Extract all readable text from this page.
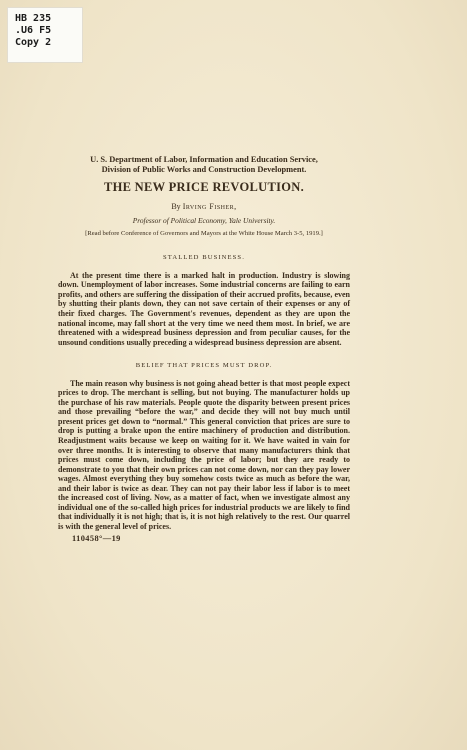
HB 235
.U6 F5
Copy 2
U. S. Department of Labor, Information and Education Service,
Division of Public Works and Construction Development.
THE NEW PRICE REVOLUTION.
By Irving Fisher,
Professor of Political Economy, Yale University.
[Read before Conference of Governors and Mayors at the White House March 3-5, 1919.]
STALLED BUSINESS.

At the present time there is a marked halt in production. Industry is slowing down. Unemployment of labor increases. Some industrial concerns are failing to earn profits, and others are suffering the dissipation of their accrued profits, because, even by shutting their plants down, they can not save certain of their expenses or any of their fixed charges. The Government's revenues, dependent as they are upon the national income, may fall short at the very time we need them most. In brief, we are threatened with a widespread business depression and from peculiar causes, for the unsound conditions usually preceding a widespread business depression are absent.

BELIEF THAT PRICES MUST DROP.

The main reason why business is not going ahead better is that most people expect prices to drop. The merchant is selling, but not buying. The manufacturer holds up the purchase of his raw materials. People quote the disparity between present prices and those prevailing “before the war,” and decide they will not buy much until present prices get down to “normal.” This general conviction that prices are sure to drop is putting a brake upon the entire machinery of production and distribution. Readjustment waits because we keep on waiting for it. We have waited in vain for over three months. It is interesting to observe that many manufacturers think that prices must come down, including the price of labor; but they are ready to demonstrate to you that their own prices can not come down, nor can they pay lower wages. Almost everything they buy somehow costs twice as much as before the war, and their labor is twice as dear. They can not pay their labor less if labor is to meet the increased cost of living. Now, as a matter of fact, when we investigate almost any individual one of the so-called high prices for industrial products we are likely to find that individually it is not high; that is, it is not high relatively to the rest. Our quarrel is with the general level of prices.

110458°—19
